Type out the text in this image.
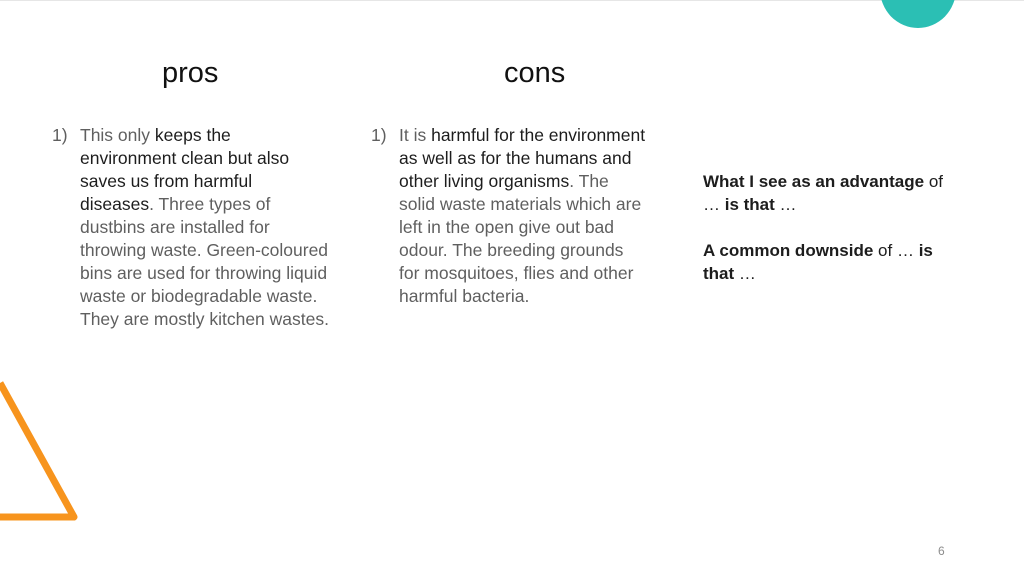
pros	cons
1) This only keeps the
environment clean but also
saves us from harmful
diseases. Three types of
dustbins are installed for
throwing waste. Green-coloured
bins are used for throwing liquid
waste or biodegradable waste.
They are mostly kitchen wastes.
1) It is harmful for the environment
as well as for the humans and
other living organisms. The
solid waste materials which are
left in the open give out bad
odour. The breeding grounds
for mosquitoes, flies and other
harmful bacteria.

What I see as an advantage of

… is that …

A common downside of … is

that …

6
